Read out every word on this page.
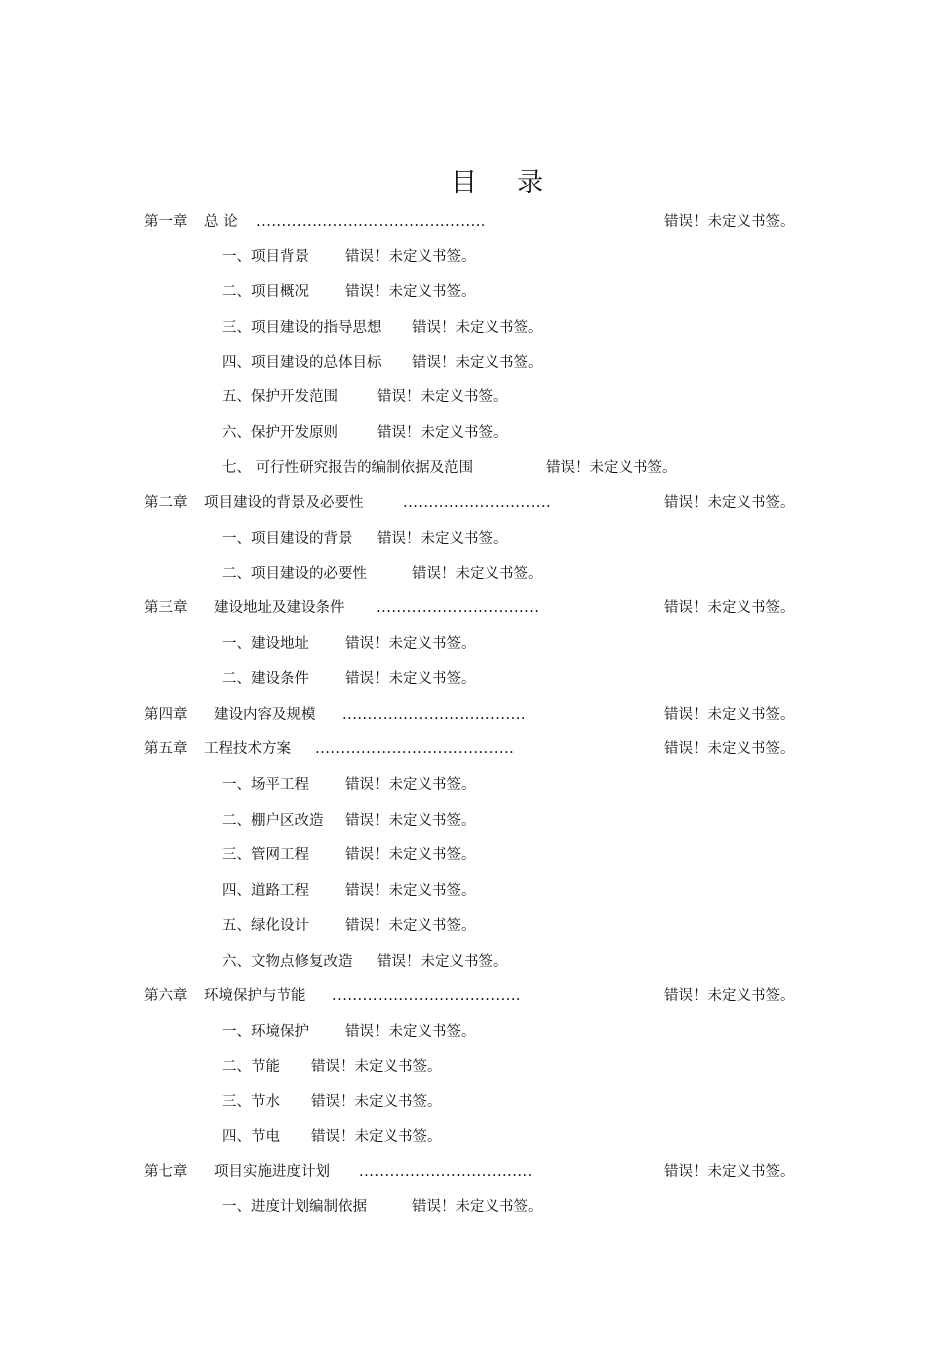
目 录
第一章 总 论 .............................................	错误！未定义书签。
一、项目背景 错误！未定义书签。
二、项目概况 错误！未定义书签。
三、项目建设的指导思想 错误！未定义书签。
四、项目建设的总体目标 错误！未定义书签。
五、保护开发范围	错误！未定义书签。
六、保护开发原则	错误！未定义书签。
七、 可行性研究报告的编制依据及范围	错误！未定义书签。
第二章 项目建设的背景及必要性	.............................	错误！未定义书签。
一、项目建设的背景 错误！未定义书签。
二、项目建设的必要性	错误！未定义书签。
第三章 建设地址及建设条件 ................................	错误！未定义书签。
一、建设地址 错误！未定义书签。
二、建设条件 错误！未定义书签。
第四章 建设内容及规模 ....................................	错误！未定义书签。
第五章 工程技术方案 .......................................	错误！未定义书签。
一、场平工程 错误！未定义书签。
二、棚户区改造 错误！未定义书签。
三、管网工程 错误！未定义书签。
四、道路工程 错误！未定义书签。
五、绿化设计 错误！未定义书签。
六、文物点修复改造 错误！未定义书签。
第六章 环境保护与节能 .....................................	错误！未定义书签。
一、环境保护 错误！未定义书签。
二、节能 错误！未定义书签。
三、节水 错误！未定义书签。
四、节电 错误！未定义书签。
第七章 项目实施进度计划 ..................................	错误！未定义书签。
一、进度计划编制依据	错误！未定义书签。
